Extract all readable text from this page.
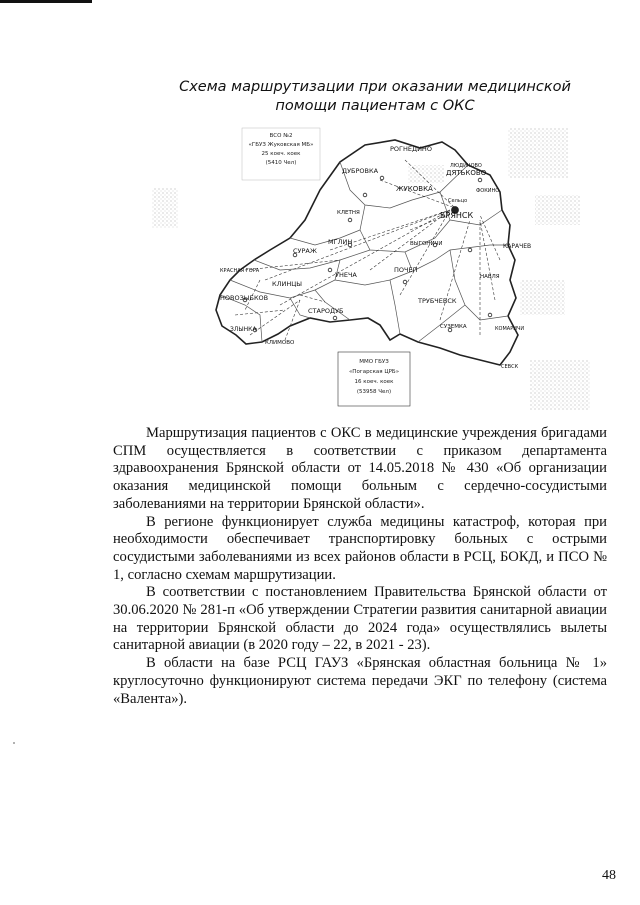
Схема маршрутизации при оказании медицинской
помощи пациентам с ОКС
ВСО №2
«ГБУЗ Жуковская МБ»
25 коеч. коек
(5410 Чел)
ММО ГБУЗ
«Погарская ЦРБ»
16 коеч. коек
(53958 Чел)
РОГНЕДИНО
ДУБРОВКА	ДЯТЬКОВО
ЛЮДИНОВО
ЖУКОВКА	ФОКИНО
Сельцо
БРЯНСК
КЛЕТНЯ
МГЛИН
СУРАЖ
ВЫГОНИЧИ	КАРАЧЕВ
КРАСНАЯ ГОРА	УНЕЧА
ПОЧЕП
КЛИНЦЫ
НОВОЗЫБКОВ
СТАРОДУБ
ТРУБЧЕВСК
НАВЛЯ
ЗЛЫНКА
КЛИМОВО
СУЗЕМКА	КОМАРИЧИ
СЕВСК

Маршрутизация пациентов с ОКС в медицинские учреждения бригадами СПМ осуществляется в соответствии с приказом департамента здравоохранения Брянской области от 14.05.2018 № 430 «Об организации оказания медицинской помощи больным с сердечно-сосудистыми заболеваниями на территории Брянской области».

В регионе функционирует служба медицины катастроф, которая при необходимости обеспечивает транспортировку больных с острыми сосудистыми заболеваниями из всех районов области в РСЦ, БОКД, и ПСО № 1, согласно схемам маршрутизации.

В соответствии с постановлением Правительства Брянской области от 30.06.2020 № 281-п «Об утверждении Стратегии развития санитарной авиации на территории Брянской области до 2024 года» осуществлялись вылеты санитарной авиации (в 2020 году – 22, в 2021 - 23).

В области на базе РСЦ ГАУЗ «Брянская областная больница № 1» круглосуточно функционируют система передачи ЭКГ по телефону (система «Валента»).

48
